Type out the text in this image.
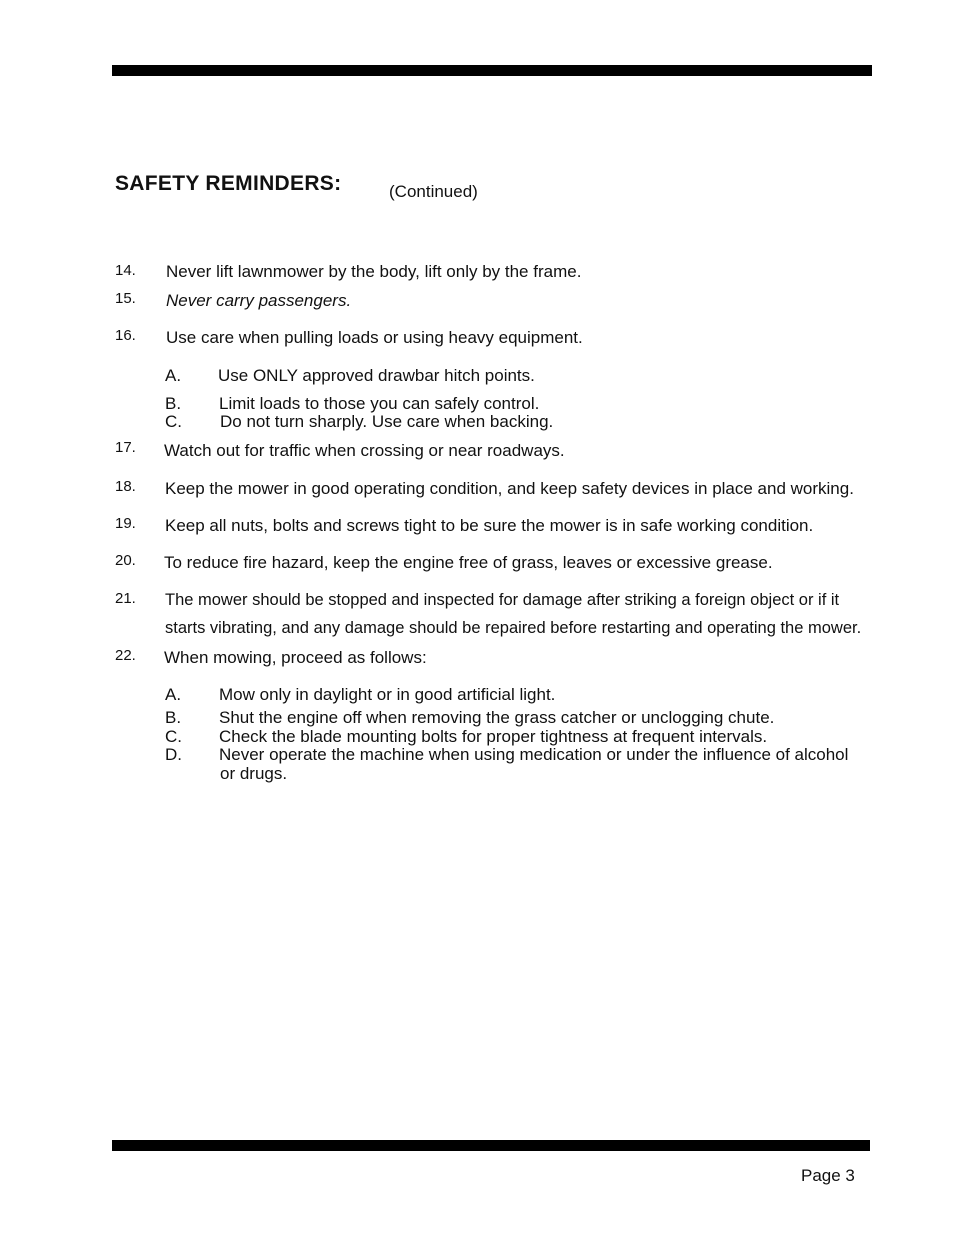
SAFETY REMINDERS:	(Continued)
14. Never lift lawnmower by the body, lift only by the frame.
15. Never carry passengers.
16. Use care when pulling loads or using heavy equipment.
A. Use ONLY approved drawbar hitch points.
B. Limit loads to those you can safely control.
C. Do not turn sharply. Use care when backing.
17. Watch out for traffic when crossing or near roadways.
18. Keep the mower in good operating condition, and keep safety devices in place and working.
19. Keep all nuts, bolts and screws tight to be sure the mower is in safe working condition.
20. To reduce fire hazard, keep the engine free of grass, leaves or excessive grease.
21. The mower should be stopped and inspected for damage after striking a foreign object or if it
starts vibrating, and any damage should be repaired before restarting and operating the mower.
22. When mowing, proceed as follows:
A. Mow only in daylight or in good artificial light.
B. Shut the engine off when removing the grass catcher or unclogging chute.
C. Check the blade mounting bolts for proper tightness at frequent intervals.
D. Never operate the machine when using medication or under the influence of alcohol
or drugs.
Page 3
